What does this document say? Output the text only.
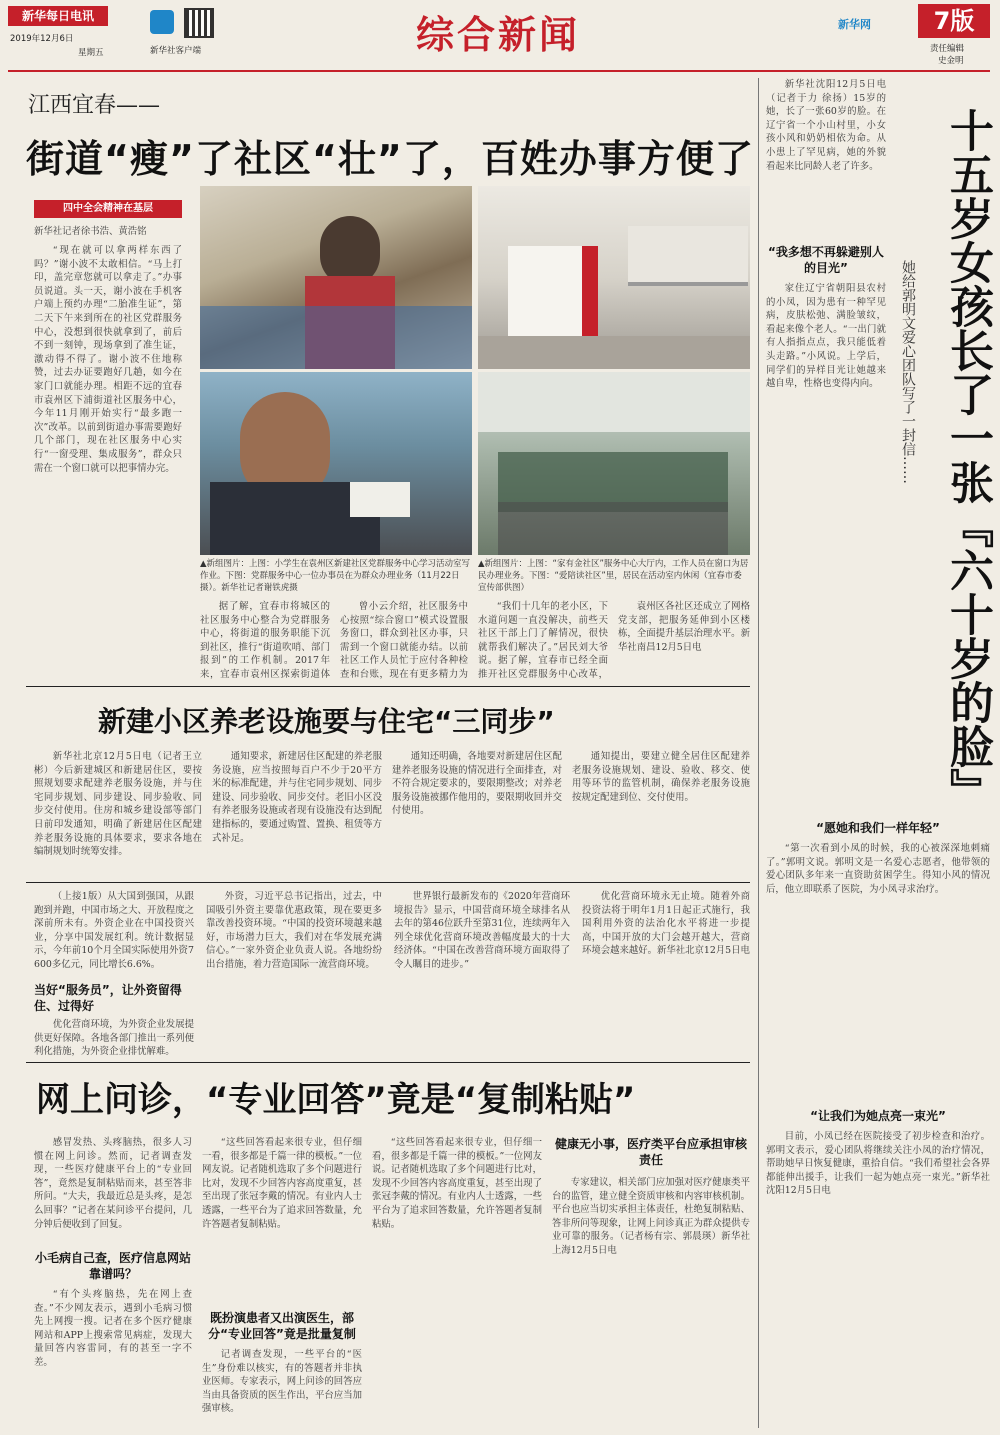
新华每日电讯
2019年12月6日
星期五	新华社客户端	综合新闻	新华网	7版
责任编辑
史金明
江西宜春——
街道“瘦”了社区“壮”了，百姓办事方便了
四中全会精神在基层
新华社记者徐书浩、黄浩铭

“现在就可以拿两样东西了吗？”谢小波不太敢相信。“马上打印，盖完章您就可以拿走了。”办事员说道。头一天，谢小波在手机客户端上预约办理“二胎准生证”，第二天下午来到所在的社区党群服务中心，没想到很快就拿到了，前后不到一刻钟，现场拿到了准生证，激动得不得了。谢小波不住地称赞，过去办证要跑好几趟，如今在家门口就能办理。相距不远的宜春市袁州区下浦街道社区服务中心，今年11月刚开始实行“最多跑一次”改革。以前到街道办事需要跑好几个部门，现在社区服务中心实行“一窗受理、集成服务”，群众只需在一个窗口就可以把事情办完。

▲新组图片：上图：小学生在袁州区新建社区党群服务中心学习活动室写作业。下图：党群服务中心一位办事员在为群众办理业务（11月22日摄）。新华社记者谢铁虎摄
▲新组图片：上图：“家有金社区”服务中心大厅内，工作人员在窗口为居民办理业务。下图：“爱陪读社区”里，居民在活动室内休闲（宜春市委宣传部供图）

据了解，宜春市将城区的社区服务中心整合为党群服务中心，将街道的服务职能下沉到社区，推行“街道吹哨、部门报到”的工作机制。2017年来，宜春市袁州区探索街道体

曾小云介绍，社区服务中心按照“综合窗口”模式设置服务窗口，群众到社区办事，只需到一个窗口就能办结。以前社区工作人员忙于应付各种检查和台账，现在有更多精力为

“我们十几年的老小区，下水道问题一直没解决，前些天社区干部上门了解情况，很快就帮我们解决了。”居民刘大爷说。据了解，宜春市已经全面推开社区党群服务中心改革，

袁州区各社区还成立了网格党支部，把服务延伸到小区楼栋，全面提升基层治理水平。新华社南昌12月5日电

新建小区养老设施要与住宅“三同步”

新华社北京12月5日电（记者王立彬）今后新建城区和新建居住区，要按照规划要求配建养老服务设施，并与住宅同步规划、同步建设、同步验收、同步交付使用。住房和城乡建设部等部门日前印发通知，明确了新建居住区配建养老服务设施的具体要求，要求各地在编制规划时统筹安排。

通知要求，新建居住区配建的养老服务设施，应当按照每百户不少于20平方米的标准配建，并与住宅同步规划、同步建设、同步验收、同步交付。老旧小区没有养老服务设施或者现有设施没有达到配建指标的，要通过购置、置换、租赁等方式补足。

通知还明确，各地要对新建居住区配建养老服务设施的情况进行全面排查，对不符合规定要求的，要限期整改；对养老服务设施被挪作他用的，要限期收回并交付使用。

通知提出，要建立健全居住区配建养老服务设施规划、建设、验收、移交、使用等环节的监管机制，确保养老服务设施按规定配建到位、交付使用。

（上接1版）从大国到强国，从跟跑到并跑，中国市场之大、开放程度之深前所未有。外资企业在中国投资兴业，分享中国发展红利。统计数据显示，今年前10个月全国实际使用外资7600多亿元，同比增长6.6%。

当好“服务员”，让外资留得住、过得好

优化营商环境，为外资企业发展提供更好保障。各地各部门推出一系列便利化措施，为外资企业排忧解难。

外资，习近平总书记指出，过去，中国吸引外资主要靠优惠政策，现在要更多靠改善投资环境。“中国的投资环境越来越好，市场潜力巨大，我们对在华发展充满信心。”一家外资企业负责人说。各地纷纷出台措施，着力营造国际一流营商环境。

世界银行最新发布的《2020年营商环境报告》显示，中国营商环境全球排名从去年的第46位跃升至第31位，连续两年入列全球优化营商环境改善幅度最大的十大经济体。“中国在改善营商环境方面取得了令人瞩目的进步。”

优化营商环境永无止境。随着外商投资法将于明年1月1日起正式施行，我国利用外资的法治化水平将进一步提高，中国开放的大门会越开越大，营商环境会越来越好。新华社北京12月5日电

网上问诊，“专业回答”竟是“复制粘贴”

感冒发热、头疼脑热，很多人习惯在网上问诊。然而，记者调查发现，一些医疗健康平台上的“专业回答”，竟然是复制粘贴而来，甚至答非所问。“大夫，我最近总是头疼，是怎么回事？”记者在某问诊平台提问，几分钟后便收到了回复。

小毛病自己查，医疗信息网站靠谱吗？

“有个头疼脑热，先在网上查查。”不少网友表示，遇到小毛病习惯先上网搜一搜。记者在多个医疗健康网站和APP上搜索常见病症，发现大量回答内容雷同，有的甚至一字不差。

“这些回答看起来很专业，但仔细一看，很多都是千篇一律的模板。”一位网友说。记者随机选取了多个问题进行比对，发现不少回答内容高度重复，甚至出现了张冠李戴的情况。有业内人士透露，一些平台为了追求回答数量，允许答题者复制粘贴。

既扮演患者又出演医生，部分“专业回答”竟是批量复制

记者调查发现，一些平台的“医生”身份难以核实，有的答题者并非执业医师。专家表示，网上问诊的回答应当由具备资质的医生作出，平台应当加强审核。

“这些回答看起来很专业，但仔细一看，很多都是千篇一律的模板。”一位网友说。记者随机选取了多个问题进行比对，发现不少回答内容高度重复，甚至出现了张冠李戴的情况。有业内人士透露，一些平台为了追求回答数量，允许答题者复制粘贴。

健康无小事，医疗类平台应承担审核责任

专家建议，相关部门应加强对医疗健康类平台的监管，建立健全资质审核和内容审核机制。平台也应当切实承担主体责任，杜绝复制粘贴、答非所问等现象，让网上问诊真正为群众提供专业可靠的服务。（记者杨有宗、郭晨瑛）新华社上海12月5日电

新华社沈阳12月5日电（记者于力 徐扬）15岁的她，长了一张60岁的脸。在辽宁省一个小山村里，小女孩小风和奶奶相依为命。从小患上了罕见病，她的外貌看起来比同龄人老了许多。 十五岁女孩长了一张『六十岁的脸』
她给郭明文爱心团队写了一封信……
“我多想不再躲避别人的目光”

家住辽宁省朝阳县农村的小凤，因为患有一种罕见病，皮肤松弛、满脸皱纹，看起来像个老人。“一出门就有人指指点点，我只能低着头走路。”小风说。上学后，同学们的异样目光让她越来越自卑，性格也变得内向。

“愿她和我们一样年轻”

“第一次看到小凤的时候，我的心被深深地刺痛了。”郭明文说。郭明文是一名爱心志愿者，他带领的爱心团队多年来一直资助贫困学生。得知小风的情况后，他立即联系了医院，为小凤寻求治疗。

“让我们为她点亮一束光”

目前，小凤已经在医院接受了初步检查和治疗。郭明文表示，爱心团队将继续关注小凤的治疗情况，帮助她早日恢复健康，重拾自信。“我们希望社会各界都能伸出援手，让我们一起为她点亮一束光。”新华社沈阳12月5日电
